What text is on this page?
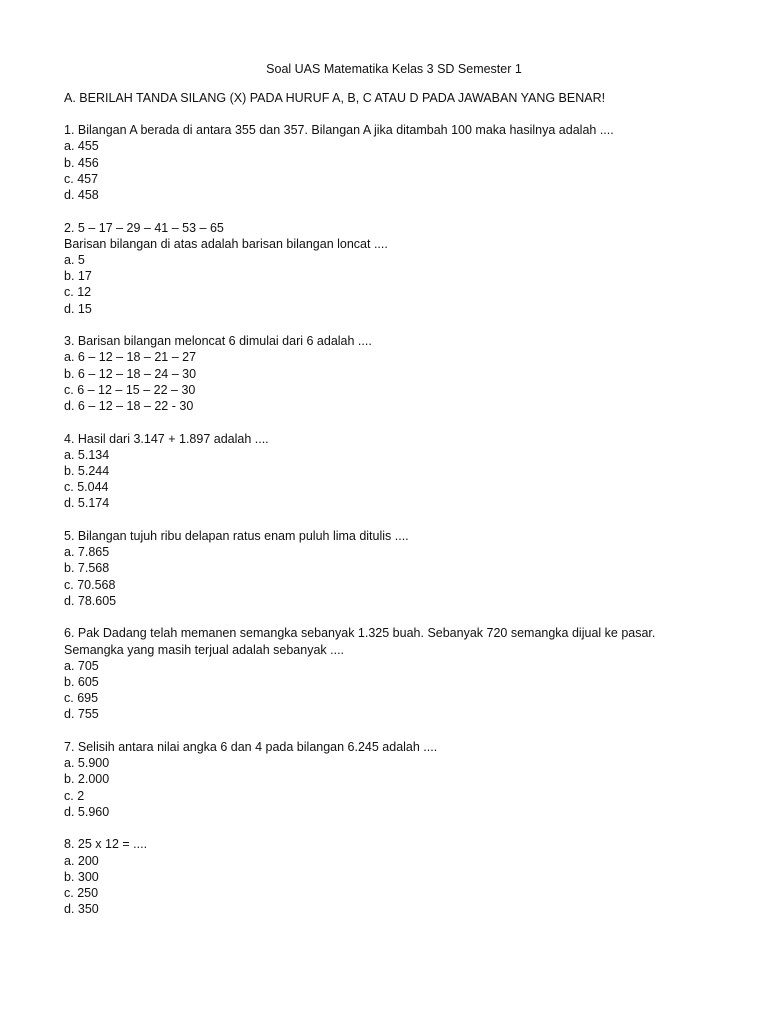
Soal UAS Matematika Kelas 3 SD Semester 1
A. BERILAH TANDA SILANG (X) PADA HURUF A, B, C ATAU D PADA JAWABAN YANG BENAR!
1. Bilangan A berada di antara 355 dan 357. Bilangan A jika ditambah 100 maka hasilnya adalah ....
a. 455
b. 456
c. 457
d. 458
2. 5 – 17 – 29 – 41 – 53 – 65
Barisan bilangan di atas adalah barisan bilangan loncat ....
a. 5
b. 17
c. 12
d. 15
3. Barisan bilangan meloncat 6 dimulai dari 6 adalah ....
a. 6 – 12 – 18 – 21 – 27
b. 6 – 12 – 18 – 24 – 30
c. 6 – 12 – 15 – 22 – 30
d. 6 – 12 – 18 – 22 - 30
4. Hasil dari 3.147 + 1.897 adalah ....
a. 5.134
b. 5.244
c. 5.044
d. 5.174
5. Bilangan tujuh ribu delapan ratus enam puluh lima ditulis ....
a. 7.865
b. 7.568
c. 70.568
d. 78.605
6. Pak Dadang telah memanen semangka sebanyak 1.325 buah. Sebanyak 720 semangka dijual ke pasar.
Semangka yang masih terjual adalah sebanyak ....
a. 705
b. 605
c. 695
d. 755
7. Selisih antara nilai angka 6 dan 4 pada bilangan 6.245 adalah ....
a. 5.900
b. 2.000
c. 2
d. 5.960
8. 25 x 12 = ....
a. 200
b. 300
c. 250
d. 350
